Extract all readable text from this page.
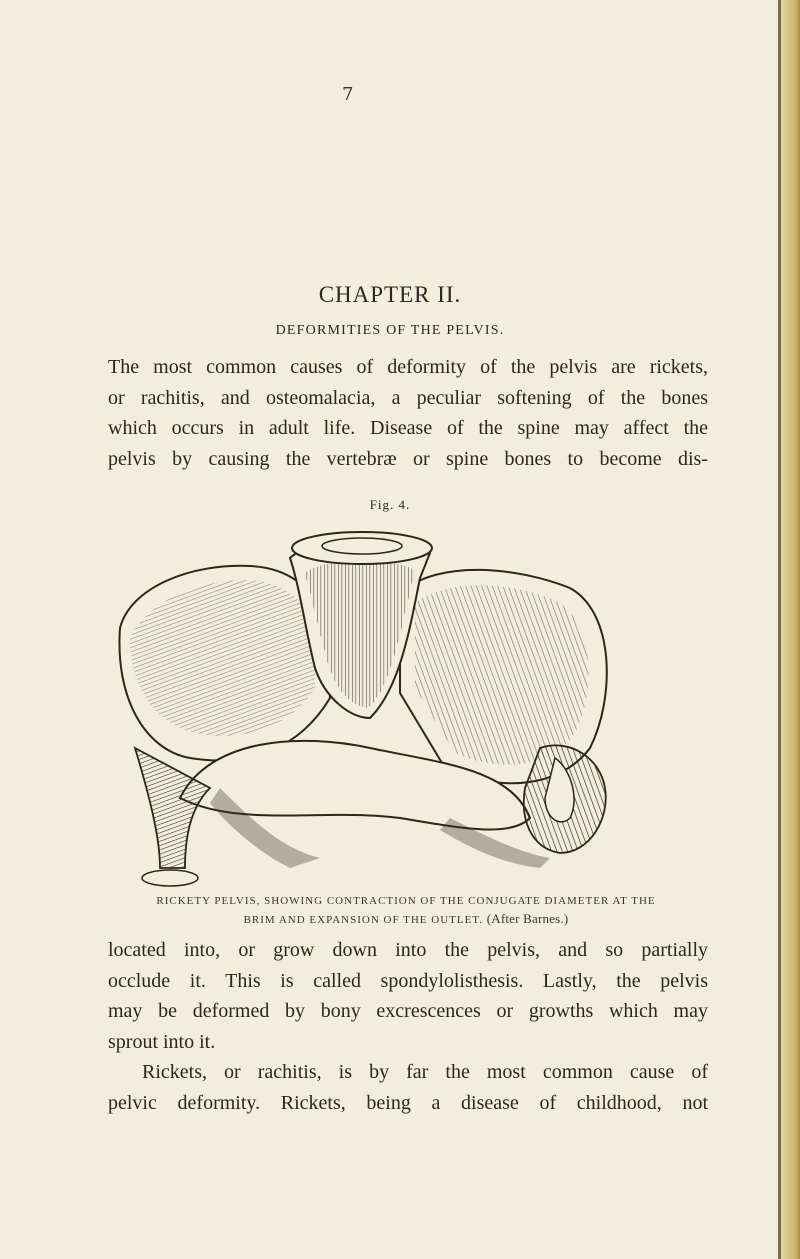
7
CHAPTER II.
DEFORMITIES OF THE PELVIS.
The most common causes of deformity of the pelvis are rickets,
or rachitis, and osteomalacia, a peculiar softening of the bones
which occurs in adult life. Disease of the spine may affect the
pelvis by causing the vertebræ or spine bones to become dis-
Fig. 4.
RICKETY PELVIS, SHOWING CONTRACTION OF THE CONJUGATE DIAMETER AT THE
BRIM AND EXPANSION OF THE OUTLET. (After Barnes.)
located into, or grow down into the pelvis, and so partially
occlude it. This is called spondylolisthesis. Lastly, the pelvis
may be deformed by bony excrescences or growths which may
sprout into it.
Rickets, or rachitis, is by far the most common cause of
pelvic deformity. Rickets, being a disease of childhood, not
